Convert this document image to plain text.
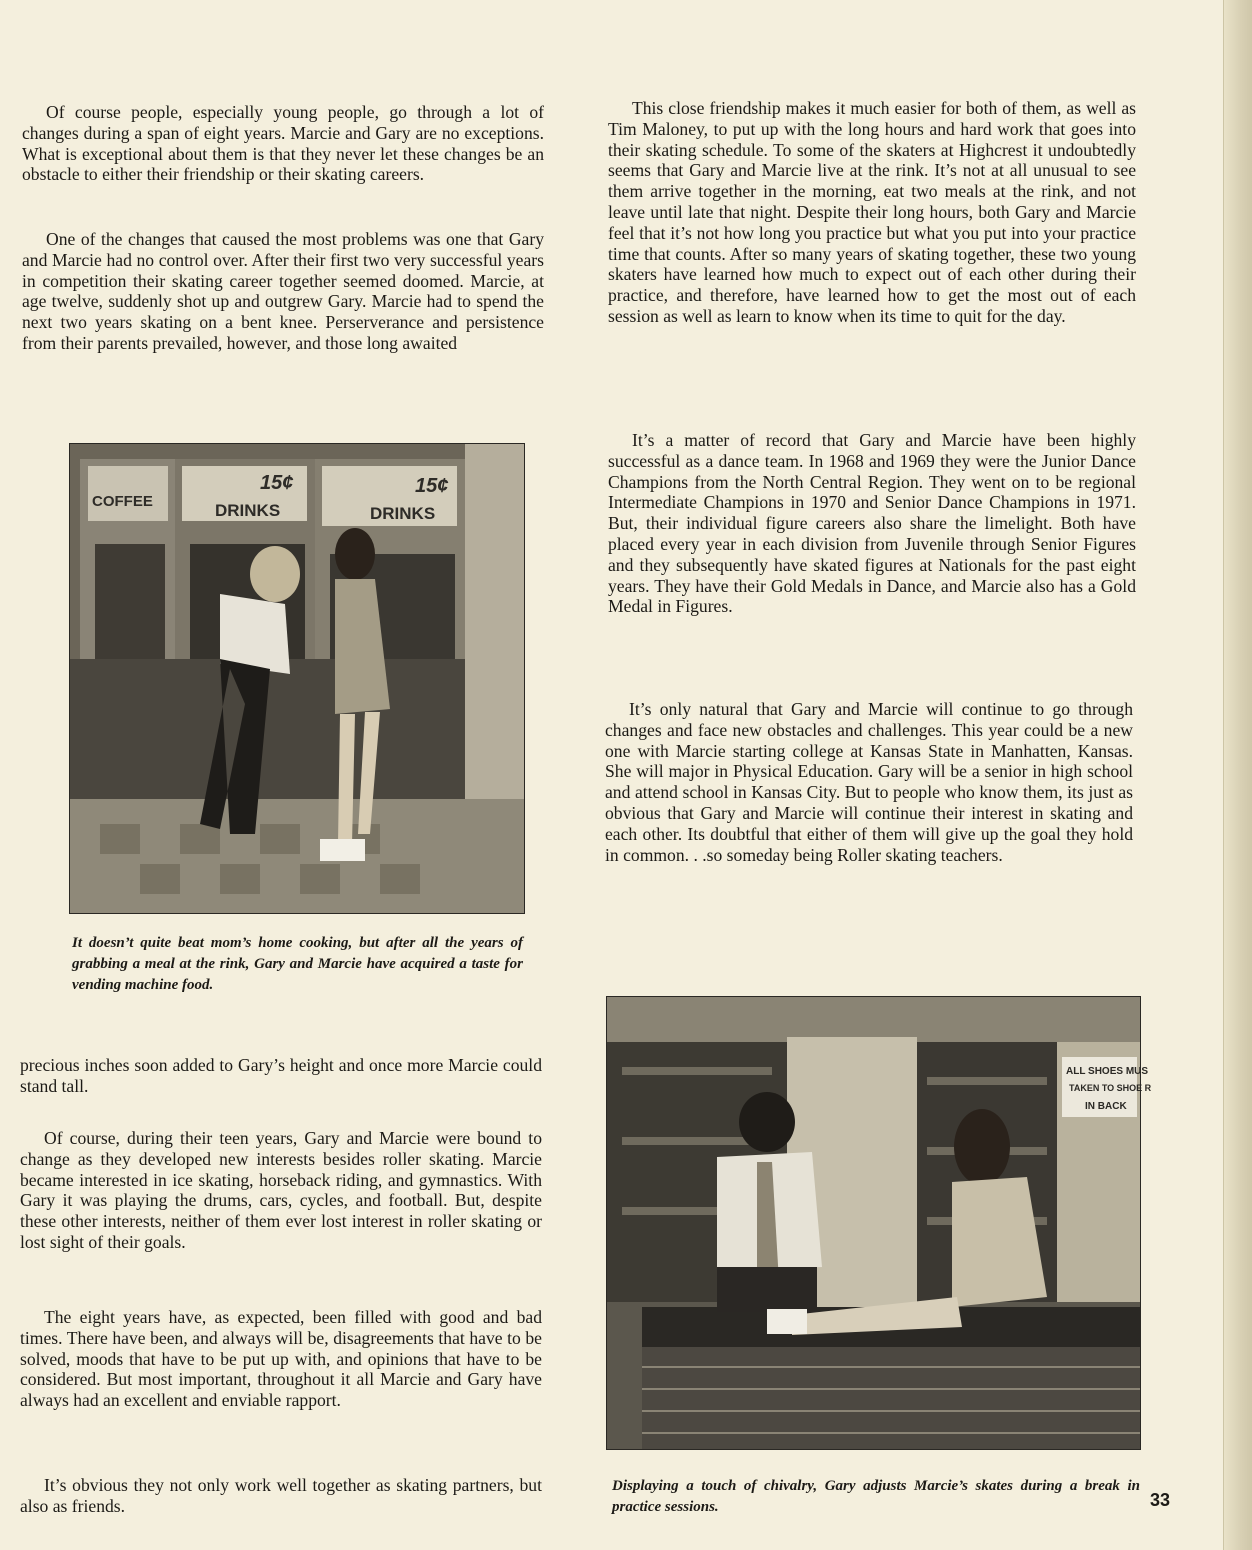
Of course people, especially young people, go through a lot of changes during a span of eight years. Marcie and Gary are no exceptions. What is exceptional about them is that they never let these changes be an obstacle to either their friendship or their skating careers.

One of the changes that caused the most problems was one that Gary and Marcie had no control over. After their first two very successful years in competition their skating career together seemed doomed. Marcie, at age twelve, suddenly shot up and outgrew Gary. Marcie had to spend the next two years skating on a bent knee. Perserverance and persistence from their parents prevailed, however, and those long awaited

COFFEE
15¢
DRINKS
15¢
DRINKS

It doesn’t quite beat mom’s home cooking, but after all the years of grabbing a meal at the rink, Gary and Marcie have acquired a taste for vending machine food.

precious inches soon added to Gary’s height and once more Marcie could stand tall.

Of course, during their teen years, Gary and Marcie were bound to change as they developed new interests besides roller skating. Marcie became interested in ice skating, horseback riding, and gymnastics. With Gary it was playing the drums, cars, cycles, and football. But, despite these other interests, neither of them ever lost interest in roller skating or lost sight of their goals.

The eight years have, as expected, been filled with good and bad times. There have been, and always will be, disagreements that have to be solved, moods that have to be put up with, and opinions that have to be considered. But most important, throughout it all Marcie and Gary have always had an excellent and enviable rapport.

It’s obvious they not only work well together as skating partners, but also as friends.

This close friendship makes it much easier for both of them, as well as Tim Maloney, to put up with the long hours and hard work that goes into their skating schedule. To some of the skaters at Highcrest it undoubtedly seems that Gary and Marcie live at the rink. It’s not at all unusual to see them arrive together in the morning, eat two meals at the rink, and not leave until late that night. Despite their long hours, both Gary and Marcie feel that it’s not how long you practice but what you put into your practice time that counts. After so many years of skating together, these two young skaters have learned how much to expect out of each other during their practice, and therefore, have learned how to get the most out of each session as well as learn to know when its time to quit for the day.

It’s a matter of record that Gary and Marcie have been highly successful as a dance team. In 1968 and 1969 they were the Junior Dance Champions from the North Central Region. They went on to be regional Intermediate Champions in 1970 and Senior Dance Champions in 1971. But, their individual figure careers also share the limelight. Both have placed every year in each division from Juvenile through Senior Figures and they subsequently have skated figures at Nationals for the past eight years. They have their Gold Medals in Dance, and Marcie also has a Gold Medal in Figures.

It’s only natural that Gary and Marcie will continue to go through changes and face new obstacles and challenges. This year could be a new one with Marcie starting college at Kansas State in Manhatten, Kansas. She will major in Physical Education. Gary will be a senior in high school and attend school in Kansas City. But to people who know them, its just as obvious that Gary and Marcie will continue their interest in skating and each other. Its doubtful that either of them will give up the goal they hold in common. . .so someday being Roller skating teachers.

ALL SHOES MUS
TAKEN TO SHOE R
IN BACK

Displaying a touch of chivalry, Gary adjusts Marcie’s skates during a break in practice sessions.	33
